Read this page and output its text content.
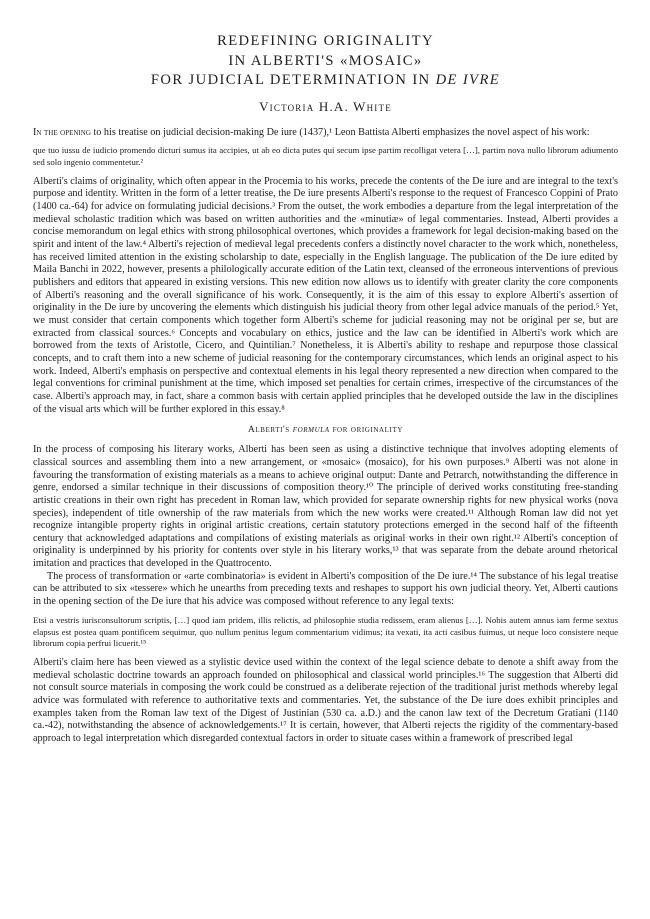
REDEFINING ORIGINALITY
IN ALBERTI'S «MOSAIC»
FOR JUDICIAL DETERMINATION IN DE IVRE
Victoria H.A. White

In the opening to his treatise on judicial decision-making De iure (1437),¹ Leon Battista Alberti emphasizes the novel aspect of his work:

que tuo iussu de iudicio promendo dicturi sumus ita accipies, ut ab eo dicta putes qui secum ipse partim recolligat vetera […], partim nova nullo librorum adiumento sed solo ingenio commentetur.²

Alberti's claims of originality, which often appear in the Procemia to his works, precede the contents of the De iure and are integral to the text's purpose and identity. Written in the form of a letter treatise, the De iure presents Alberti's response to the request of Francesco Coppini of Prato (1400 ca.-64) for advice on formulating judicial decisions.³ From the outset, the work embodies a departure from the legal interpretation of the medieval scholastic tradition which was based on written authorities and the «minutiæ» of legal commentaries. Instead, Alberti provides a concise memorandum on legal ethics with strong philosophical overtones, which provides a framework for legal decision-making based on the spirit and intent of the law.⁴ Alberti's rejection of medieval legal precedents confers a distinctly novel character to the work which, nonetheless, has received limited attention in the existing scholarship to date, especially in the English language. The publication of the De iure edited by Maila Banchi in 2022, however, presents a philologically accurate edition of the Latin text, cleansed of the erroneous interventions of previous publishers and editors that appeared in existing versions. This new edition now allows us to identify with greater clarity the core components of Alberti's reasoning and the overall significance of his work. Consequently, it is the aim of this essay to explore Alberti's assertion of originality in the De iure by uncovering the elements which distinguish his judicial theory from other legal advice manuals of the period.⁵ Yet, we must consider that certain components which together form Alberti's scheme for judicial reasoning may not be original per se, but are extracted from classical sources.⁶ Concepts and vocabulary on ethics, justice and the law can be identified in Alberti's work which are borrowed from the texts of Aristotle, Cicero, and Quintilian.⁷ Nonetheless, it is Alberti's ability to reshape and repurpose those classical concepts, and to craft them into a new scheme of judicial reasoning for the contemporary circumstances, which lends an original aspect to his work. Indeed, Alberti's emphasis on perspective and contextual elements in his legal theory represented a new direction when compared to the legal conventions for criminal punishment at the time, which imposed set penalties for certain crimes, irrespective of the circumstances of the case. Alberti's approach may, in fact, share a common basis with certain applied principles that he developed outside the law in the disciplines of the visual arts which will be further explored in this essay.⁸

Alberti's formula for originality

In the process of composing his literary works, Alberti has been seen as using a distinctive technique that involves adopting elements of classical sources and assembling them into a new arrangement, or «mosaic» (mosaico), for his own purposes.⁹ Alberti was not alone in favouring the transformation of existing materials as a means to achieve original output: Dante and Petrarch, notwithstanding the difference in genre, endorsed a similar technique in their discussions of composition theory.¹⁰ The principle of derived works constituting free-standing artistic creations in their own right has precedent in Roman law, which provided for separate ownership rights for new physical works (nova species), independent of title ownership of the raw materials from which the new works were created.¹¹ Although Roman law did not yet recognize intangible property rights in original artistic creations, certain statutory protections emerged in the second half of the fifteenth century that acknowledged adaptations and compilations of existing materials as original works in their own right.¹² Alberti's conception of originality is underpinned by his priority for contents over style in his literary works,¹³ that was separate from the debate around rhetorical imitation and practices that developed in the Quattrocento.

The process of transformation or «arte combinatoria» is evident in Alberti's composition of the De iure.¹⁴ The substance of his legal treatise can be attributed to six «tessere» which he unearths from preceding texts and reshapes to support his own judicial theory. Yet, Alberti cautions in the opening section of the De iure that his advice was composed without reference to any legal texts:

Etsi a vestris iurisconsultorum scriptis, […] quod iam pridem, illis relictis, ad philosophie studia redissem, eram alienus […]. Nobis autem annus iam ferme sextus elapsus est postea quam pontificem sequimur, quo nullum penitus legum commentarium vidimus; ita vexati, ita acti casibus fuimus, ut neque loco consistere neque librorum copia perfrui licuerit.¹⁵

Alberti's claim here has been viewed as a stylistic device used within the context of the legal science debate to denote a shift away from the medieval scholastic doctrine towards an approach founded on philosophical and classical world principles.¹⁶ The suggestion that Alberti did not consult source materials in composing the work could be construed as a deliberate rejection of the traditional jurist methods whereby legal advice was formulated with reference to authoritative texts and commentaries. Yet, the substance of the De iure does exhibit principles and examples taken from the Roman law text of the Digest of Justinian (530 ca. a.D.) and the canon law text of the Decretum Gratiani (1140 ca.-42), notwithstanding the absence of acknowledgements.¹⁷ It is certain, however, that Alberti rejects the rigidity of the commentary-based approach to legal interpretation which disregarded contextual factors in order to situate cases within a framework of prescribed legal
